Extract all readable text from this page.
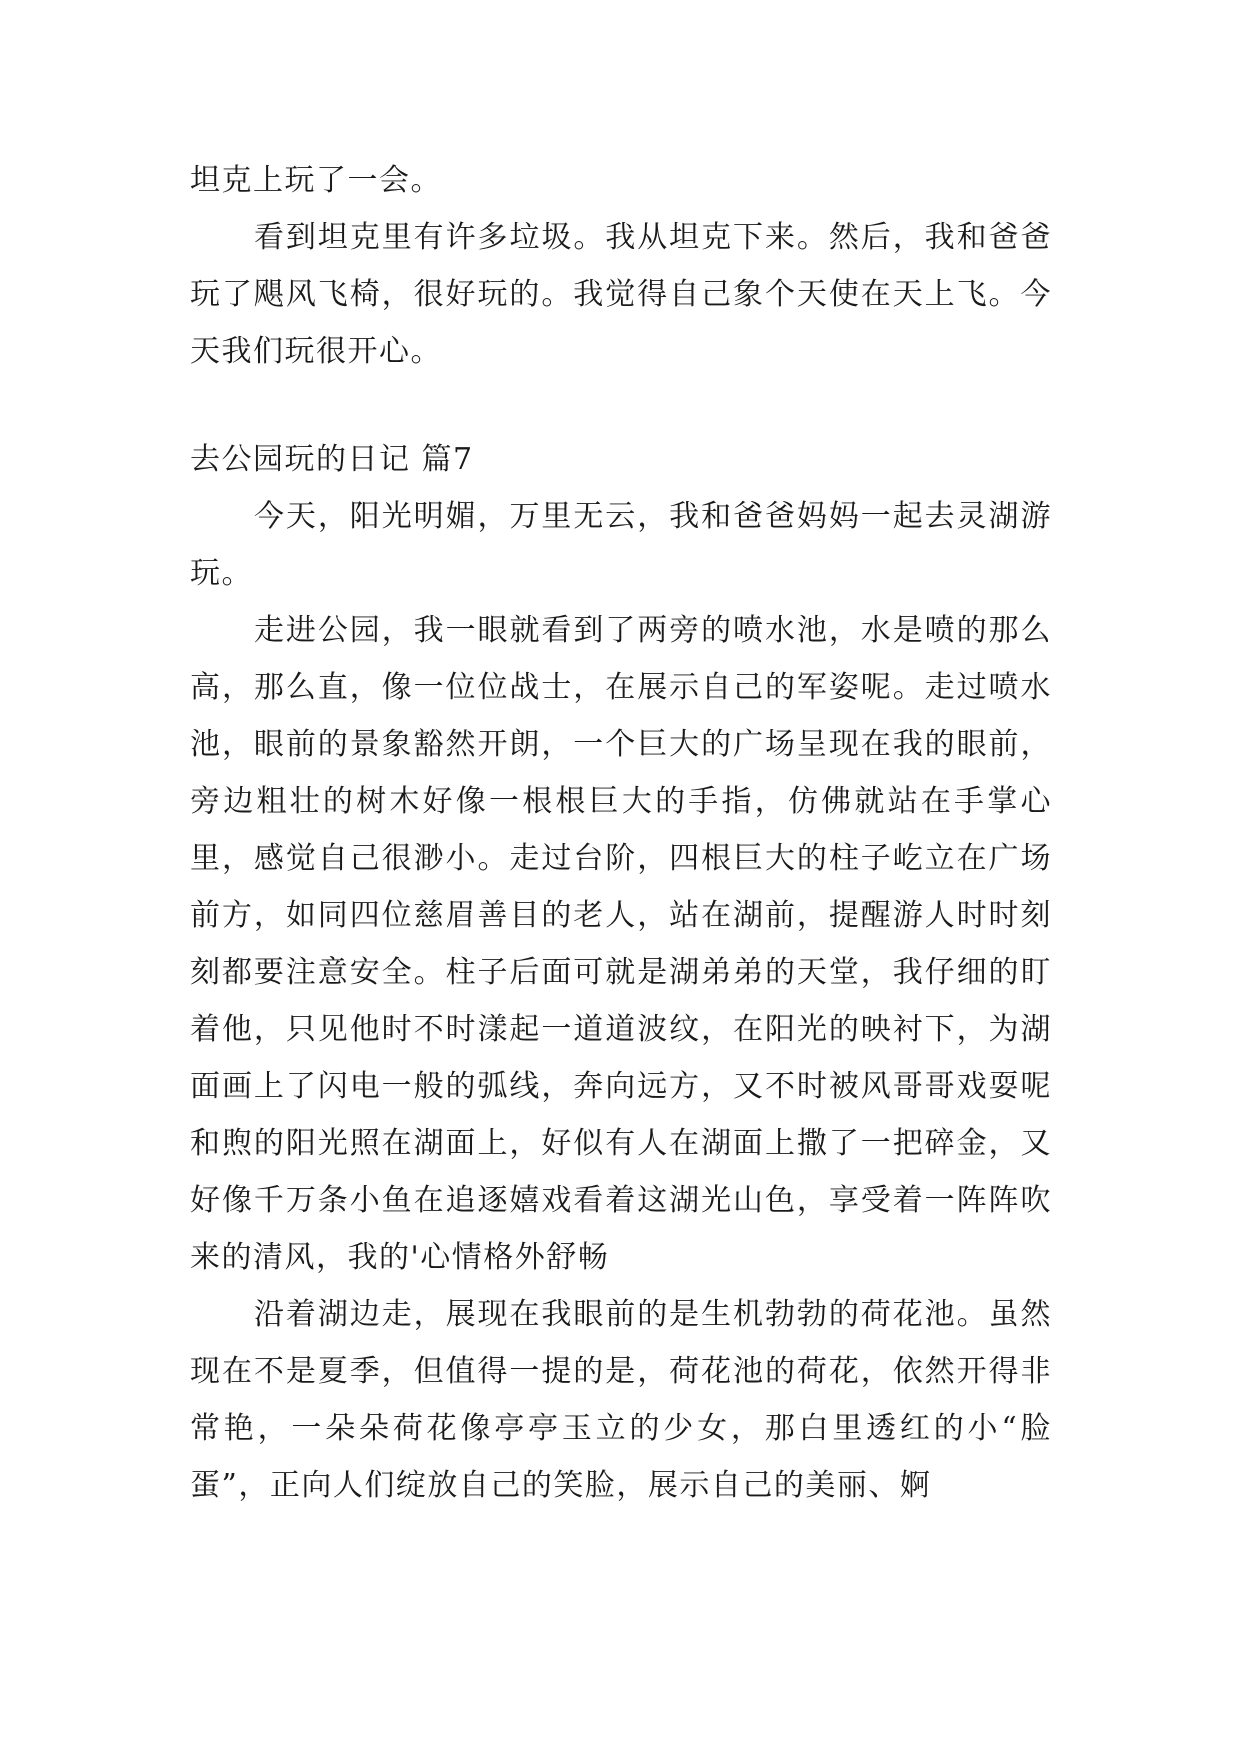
坦克上玩了一会。

看到坦克里有许多垃圾。我从坦克下来。然后，我和爸爸玩了飓风飞椅，很好玩的。我觉得自己象个天使在天上飞。今天我们玩很开心。

去公园玩的日记 篇7

今天，阳光明媚，万里无云，我和爸爸妈妈一起去灵湖游玩。

走进公园，我一眼就看到了两旁的喷水池，水是喷的那么高，那么直，像一位位战士，在展示自己的军姿呢。走过喷水池，眼前的景象豁然开朗，一个巨大的广场呈现在我的眼前，旁边粗壮的树木好像一根根巨大的手指，仿佛就站在手掌心里，感觉自己很渺小。走过台阶，四根巨大的柱子屹立在广场前方，如同四位慈眉善目的老人，站在湖前，提醒游人时时刻刻都要注意安全。柱子后面可就是湖弟弟的天堂，我仔细的盯着他，只见他时不时漾起一道道波纹，在阳光的映衬下，为湖面画上了闪电一般的弧线，奔向远方，又不时被风哥哥戏耍呢和煦的阳光照在湖面上，好似有人在湖面上撒了一把碎金，又好像千万条小鱼在追逐嬉戏看着这湖光山色，享受着一阵阵吹来的清风，我的'心情格外舒畅

沿着湖边走，展现在我眼前的是生机勃勃的荷花池。虽然现在不是夏季，但值得一提的是，荷花池的荷花，依然开得非常艳，一朵朵荷花像亭亭玉立的少女，那白里透红的小“脸蛋”，正向人们绽放自己的笑脸，展示自己的美丽、婀
